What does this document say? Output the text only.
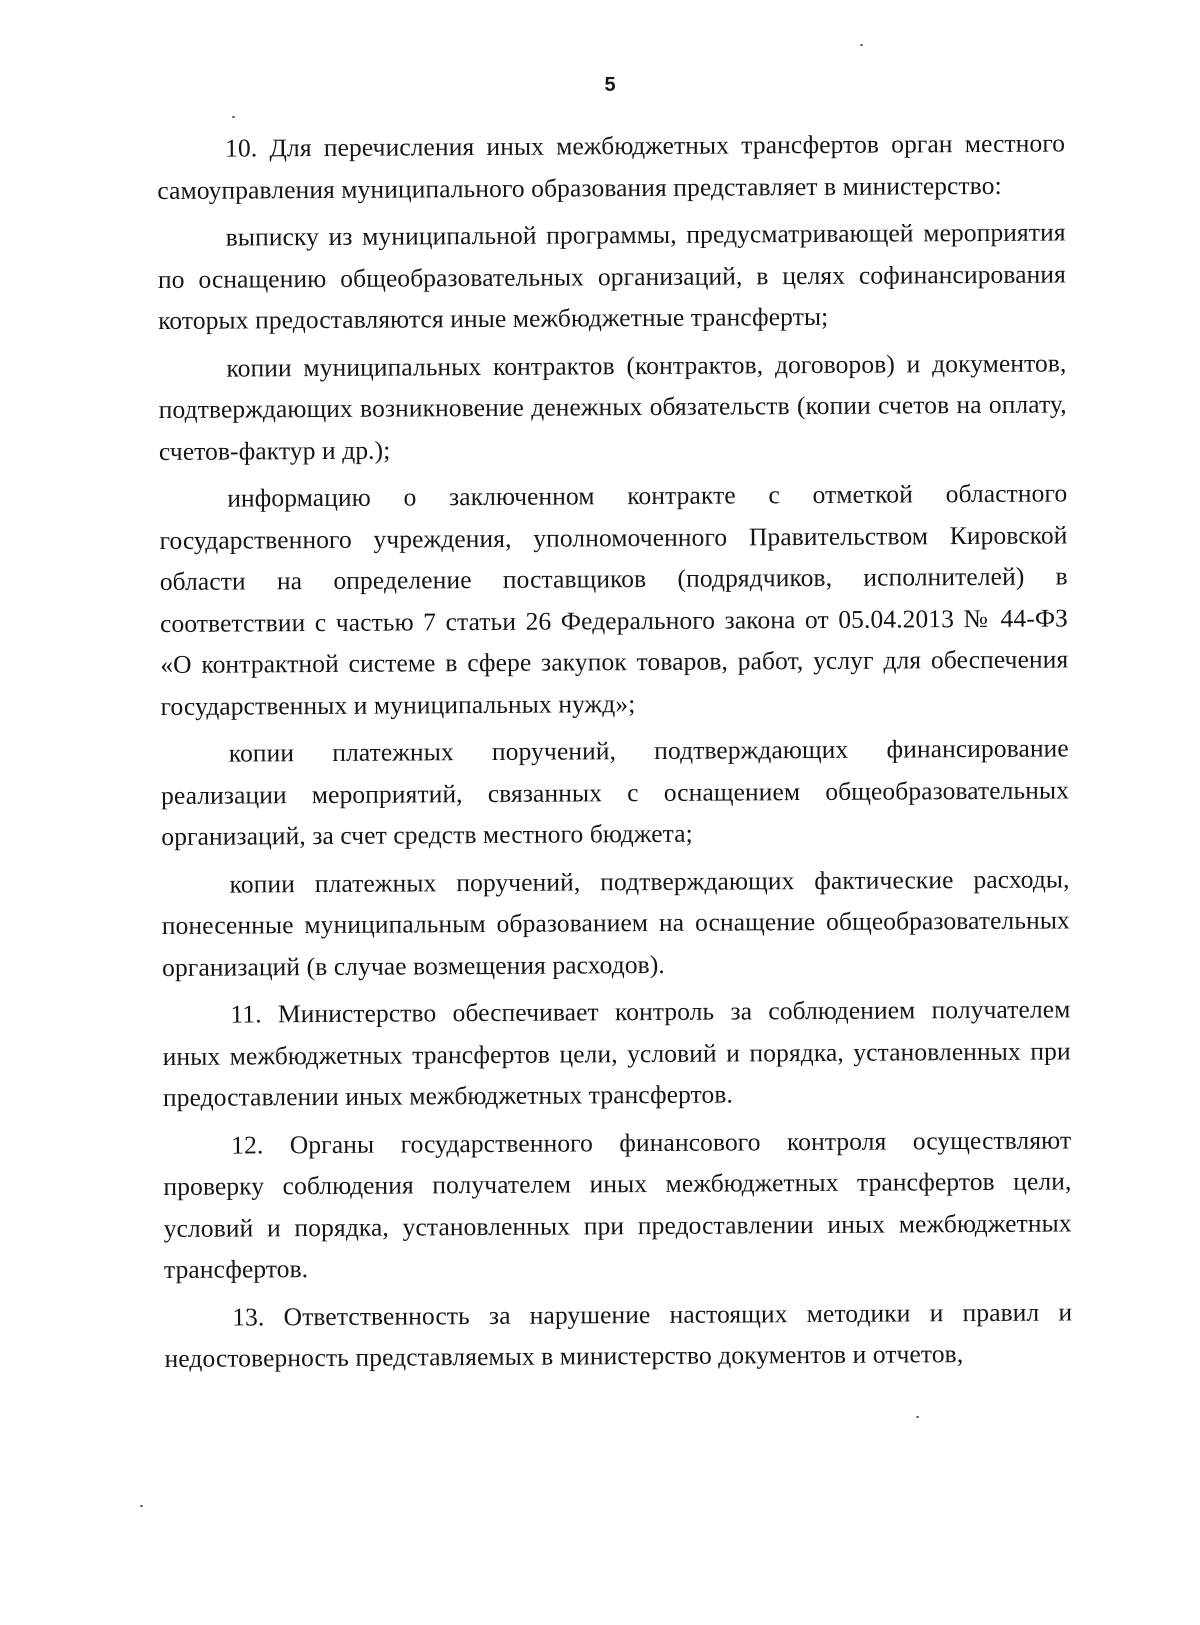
5

10. Для перечисления иных межбюджетных трансфертов орган местного самоуправления муниципального образования представляет в министерство:

выписку из муниципальной программы, предусматривающей мероприятия по оснащению общеобразовательных организаций, в целях софинансирования которых предоставляются иные межбюджетные трансферты;

копии муниципальных контрактов (контрактов, договоров) и документов, подтверждающих возникновение денежных обязательств (копии счетов на оплату, счетов-фактур и др.);

информацию о заключенном контракте с отметкой областного государственного учреждения, уполномоченного Правительством Кировской области на определение поставщиков (подрядчиков, исполнителей) в соответствии с частью 7 статьи 26 Федерального закона от 05.04.2013 № 44-ФЗ «О контрактной системе в сфере закупок товаров, работ, услуг для обеспечения государственных и муниципальных нужд»;

копии платежных поручений, подтверждающих финансирование реализации мероприятий, связанных с оснащением общеобразовательных организаций, за счет средств местного бюджета;

копии платежных поручений, подтверждающих фактические расходы, понесенные муниципальным образованием на оснащение общеобразовательных организаций (в случае возмещения расходов).

11. Министерство обеспечивает контроль за соблюдением получателем иных межбюджетных трансфертов цели, условий и порядка, установленных при предоставлении иных межбюджетных трансфертов.

12. Органы государственного финансового контроля осуществляют проверку соблюдения получателем иных межбюджетных трансфертов цели, условий и порядка, установленных при предоставлении иных межбюджетных трансфертов.

13. Ответственность за нарушение настоящих методики и правил и недостоверность представляемых в министерство документов и отчетов,
